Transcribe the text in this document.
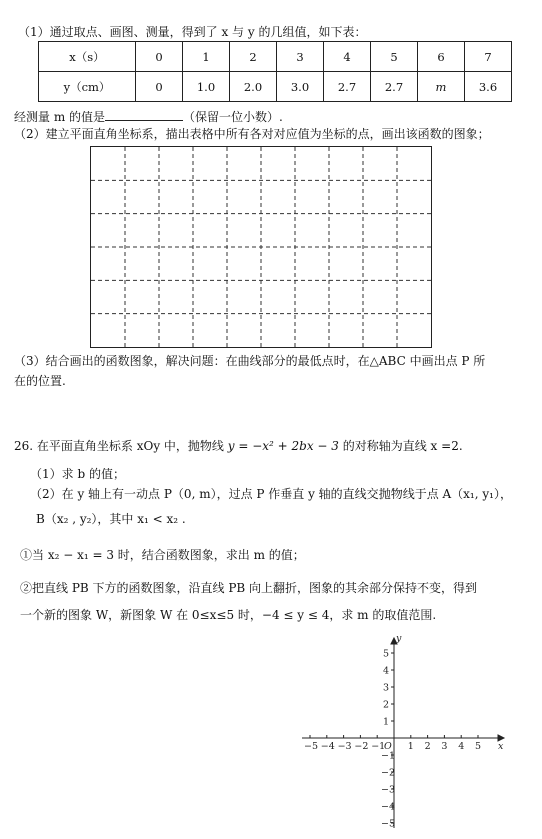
（1）通过取点、画图、测量，得到了 x 与 y 的几组值，如下表：
x（s）	0	1	2	3	4	5	6	7
y（cm）	0	1.0	2.0	3.0	2.7	2.7	m	3.6
经测量 m 的值是	（保留一位小数）.
（2）建立平面直角坐标系，描出表格中所有各对对应值为坐标的点，画出该函数的图象；
（3）结合画出的函数图象，解决问题：在曲线部分的最低点时，在△ABC 中画出点 P 所
在的位置.
26. 在平面直角坐标系 xOy 中，抛物线 y = −x² + 2bx − 3 的对称轴为直线 x =2.
（1）求 b 的值；
（2）在 y 轴上有一动点 P（0, m），过点 P 作垂直 y 轴的直线交抛物线于点 A（x₁, y₁），
B（x₂ , y₂），其中 x₁ < x₂ .
①当 x₂ − x₁ = 3 时，结合函数图象，求出 m 的值；
②把直线 PB 下方的函数图象，沿直线 PB 向上翻折，图象的其余部分保持不变，得到
一个新的图象 W，新图象 W 在 0≤x≤5 时，−4 ≤ y ≤ 4，求 m 的取值范围.
y
x
O
−5 −4 −3 −2 −1 1 2 3 4 5
5
4
3
2
1
−1
−2
−3
−4
−5
